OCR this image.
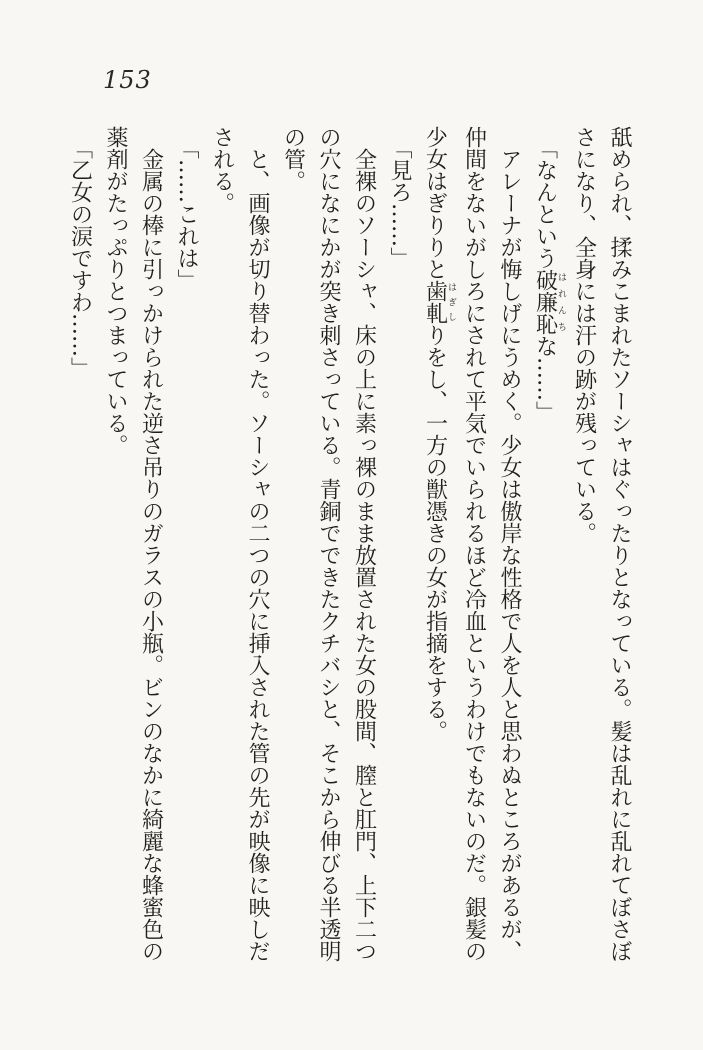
153
舐められ、揉みこまれたソーシャはぐったりとなっている。髪は乱れに乱れてぼさぼ
さになり、全身には汗の跡が残っている。
「なんという破廉恥はれんちな……」
アレーナが悔しげにうめく。少女は傲岸な性格で人を人と思わぬところがあるが、
仲間をないがしろにされて平気でいられるほど冷血というわけでもないのだ。銀髪の
少女はぎりりと歯軋はぎしりをし、一方の獣憑きの女が指摘をする。
「見ろ……」
全裸のソーシャ、床の上に素っ裸のまま放置された女の股間、膣と肛門、上下二つ
の穴になにかが突き刺さっている。青銅でできたクチバシと、そこから伸びる半透明
の管。
と、画像が切り替わった。ソーシャの二つの穴に挿入された管の先が映像に映しだ
される。
「……これは」
金属の棒に引っかけられた逆さ吊りのガラスの小瓶。ビンのなかに綺麗な蜂蜜色の
薬剤がたっぷりとつまっている。
「乙女の涙ですわ……」
